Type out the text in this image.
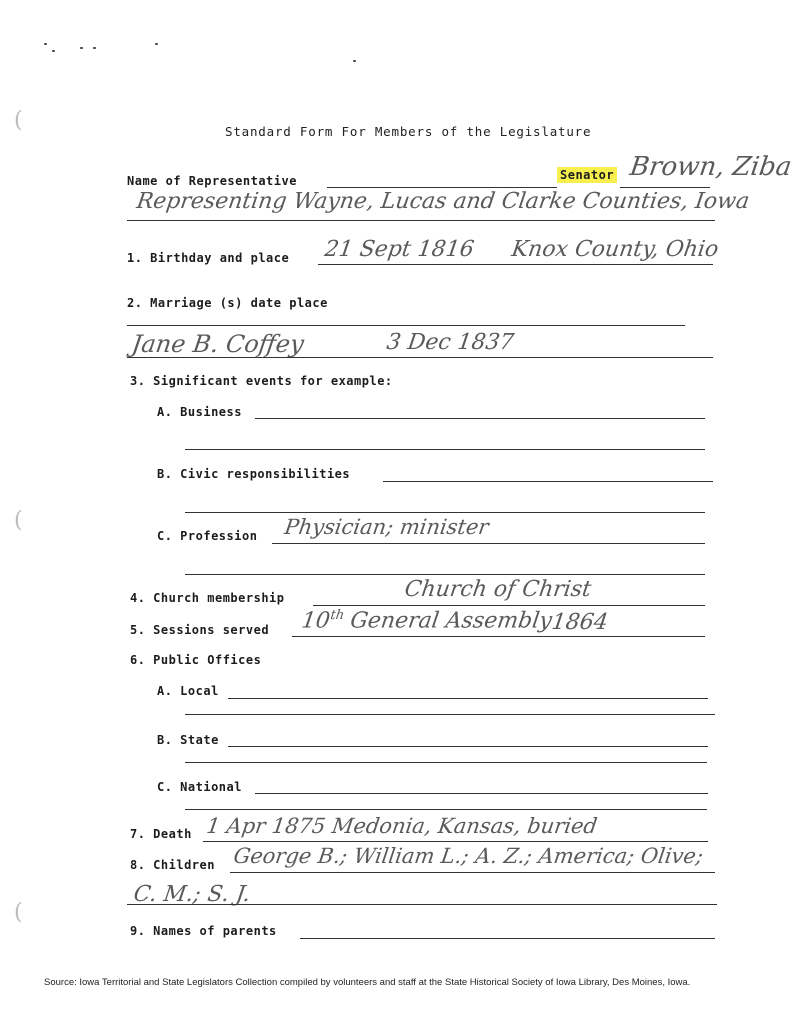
(
(
(
Standard Form For Members of the Legislature
Name of Representative	Senator Brown, Ziba
Representing Wayne, Lucas and Clarke Counties, Iowa
1. Birthday and place 21 Sept 1816 Knox County, Ohio
2. Marriage (s) date place
Jane B. Coffey	3 Dec 1837
3. Significant events for example:
A. Business
B. Civic responsibilities
C. Profession Physician; minister
4. Church membership	Church of Christ
5. Sessions served 10th General Assembly
1864
6. Public Offices
A. Local
B. State
C. National
7. Death 1 Apr 1875 Medonia, Kansas, buried
8. Children George B.; William L.; A. Z.; America; Olive;
C. M.; S. J.
9. Names of parents
Source: Iowa Territorial and State Legislators Collection compiled by volunteers and staff at the State Historical Society of Iowa Library, Des Moines, Iowa.
